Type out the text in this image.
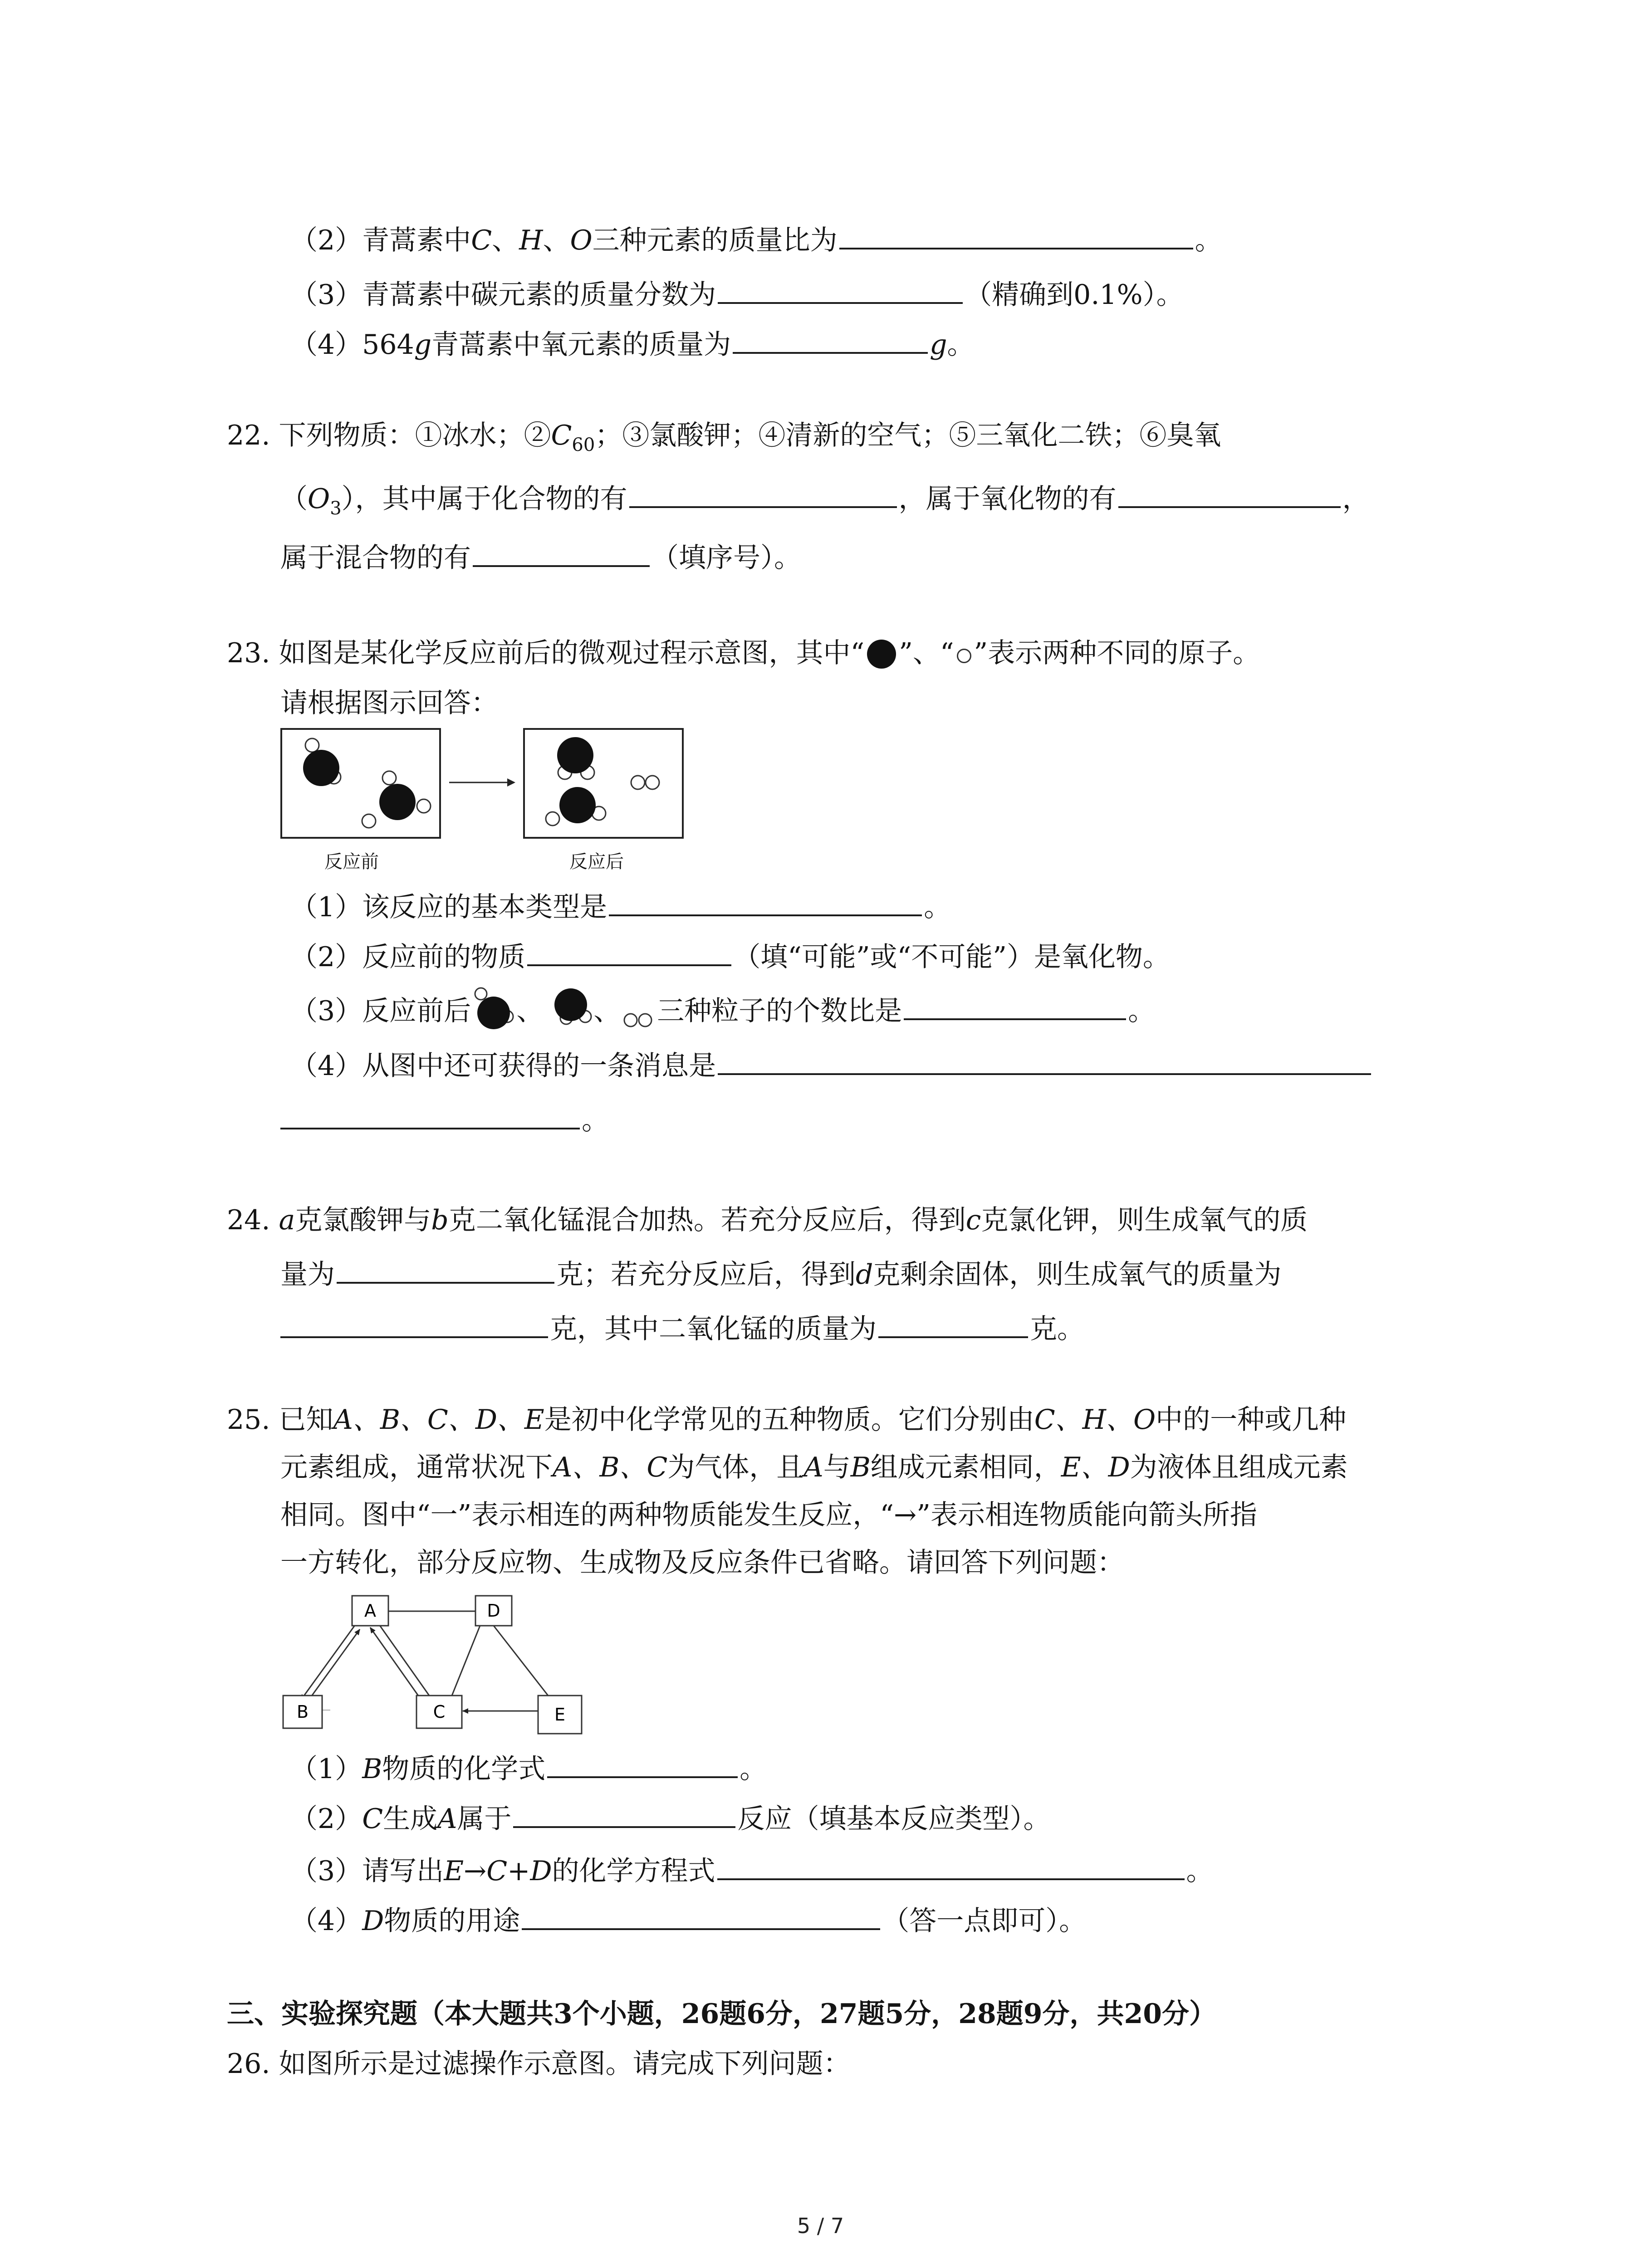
（2）青蒿素中C、H、O三种元素的质量比为	。
（3）青蒿素中碳元素的质量分数为	（精确到0.1%）。
（4）564g青蒿素中氧元素的质量为	g。
22. 下列物质：①冰水；$②C_{60}$；③氯酸钾；④清新的空气；⑤三氧化二铁；⑥臭氧
$(O_3)$，其中属于化合物的有	，属于氧化物的有	，
属于混合物的有	（填序号）。
23. 如图是某化学反应前后的微观过程示意图，其中“ ”、“ ”表示两种不同的原子。
请根据图示回答：
反应前	反应后
（1）该反应的基本类型是	。
（2）反应前的物质	（填“可能”或“不可能”）是氧化物。
（3）反应前后 、 、 三种粒子的个数比是	。
（4）从图中还可获得的一条消息是
。
24. a克氯酸钾与b克二氧化锰混合加热。若充分反应后，得到c克氯化钾，则生成氧气的质
量为	克；若充分反应后，得到d克剩余固体，则生成氧气的质量为
克，其中二氧化锰的质量为	克。
25. 已知A、B、C、D、E是初中化学常见的五种物质。它们分别由C、H、O中的一种或几种
元素组成，通常状况下A、B、C为气体，且A与B组成元素相同，E、D为液体且组成元素
相同。图中“一”表示相连的两种物质能发生反应，“→”表示相连物质能向箭头所指
一方转化，部分反应物、生成物及反应条件已省略。请回答下列问题：
A	D
B	C	E
（1）B物质的化学式	。
（2）C生成A属于	反应（填基本反应类型）。
（3）请写出E→C+D的化学方程式	。
（4）D物质的用途	（答一点即可）。
三、实验探究题（本大题共3个小题，26题6分，27题5分，28题9分，共20分）
26. 如图所示是过滤操作示意图。请完成下列问题：
5 / 7
